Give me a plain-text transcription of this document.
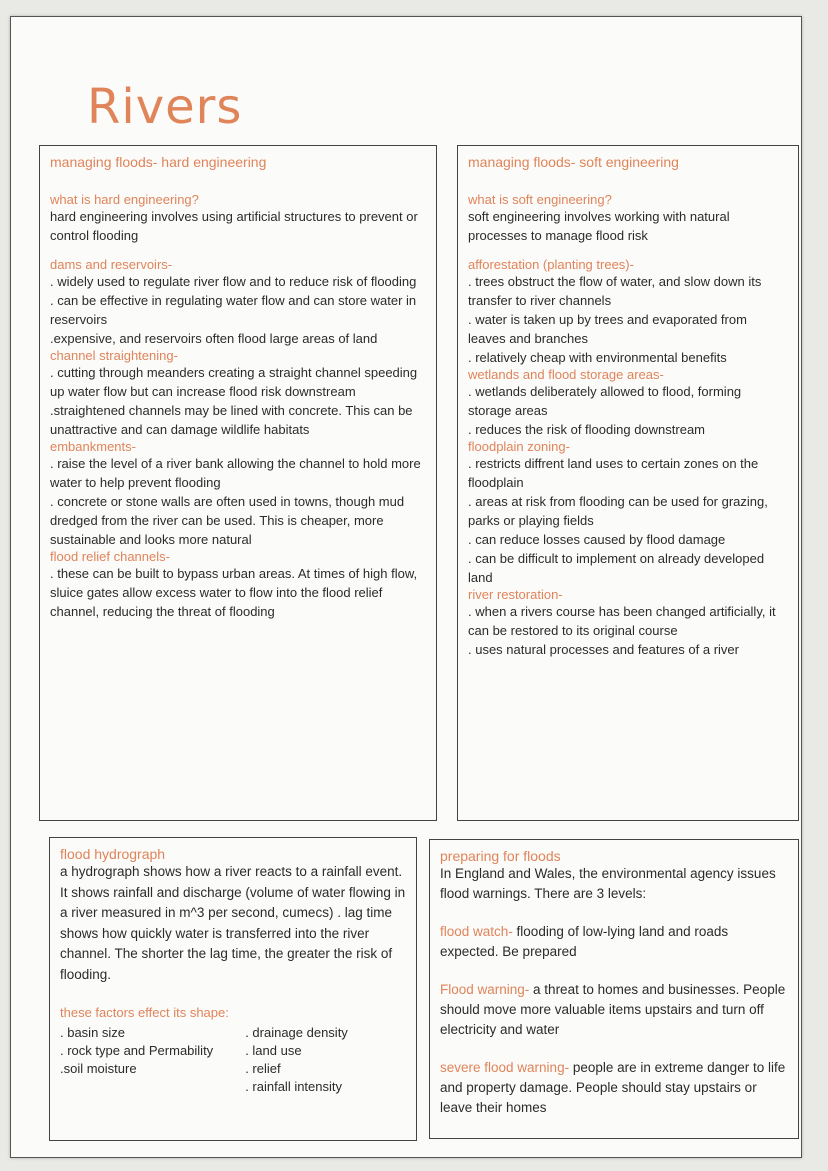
Rivers
managing floods- hard engineering
what is hard engineering?
hard engineering involves using artificial structures to prevent or control flooding
dams and reservoirs-
. widely used to regulate river flow and to reduce risk of flooding
. can be effective in regulating water flow and can store water in reservoirs
.expensive, and reservoirs often flood large areas of land
channel straightening-
. cutting through meanders creating a straight channel speeding up water flow but can increase flood risk downstream
.straightened channels may be lined with concrete. This can be unattractive and can damage wildlife habitats
embankments-
. raise the level of a river bank allowing the channel to hold more water to help prevent flooding
. concrete or stone walls are often used in towns, though mud dredged from the river can be used. This is cheaper, more sustainable and looks more natural
flood relief channels-
. these can be built to bypass urban areas. At times of high flow, sluice gates allow excess water to flow into the flood relief channel, reducing the threat of flooding
managing floods- soft engineering
what is soft engineering?
soft engineering involves working with natural processes to manage flood risk
afforestation (planting trees)-
. trees obstruct the flow of water, and slow down its transfer to river channels
. water is taken up by trees and evaporated from leaves and branches
. relatively cheap with environmental benefits
wetlands and flood storage areas-
. wetlands deliberately allowed to flood, forming storage areas
. reduces the risk of flooding downstream
floodplain zoning-
. restricts diffrent land uses to certain zones on the floodplain
. areas at risk from flooding can be used for grazing, parks or playing fields
. can reduce losses caused by flood damage
. can be difficult to implement on already developed land
river restoration-
. when a rivers course has been changed artificially, it can be restored to its original course
. uses natural processes and features of a river
flood hydrograph
a hydrograph shows how a river reacts to a rainfall event. It shows rainfall and discharge (volume of water flowing in a river measured in m^3 per second, cumecs) . lag time shows how quickly water is transferred into the river channel. The shorter the lag time, the greater the risk of flooding.
these factors effect its shape:
. basin size
. rock type and Permability
.soil moisture
. drainage density
. land use
. relief
. rainfall intensity
preparing for floods
In England and Wales, the environmental agency issues flood warnings. There are 3 levels:
flood watch- flooding of low-lying land and roads expected. Be prepared
Flood warning- a threat to homes and businesses. People should move more valuable items upstairs and turn off electricity and water
severe flood warning- people are in extreme danger to life and property damage. People should stay upstairs or leave their homes
